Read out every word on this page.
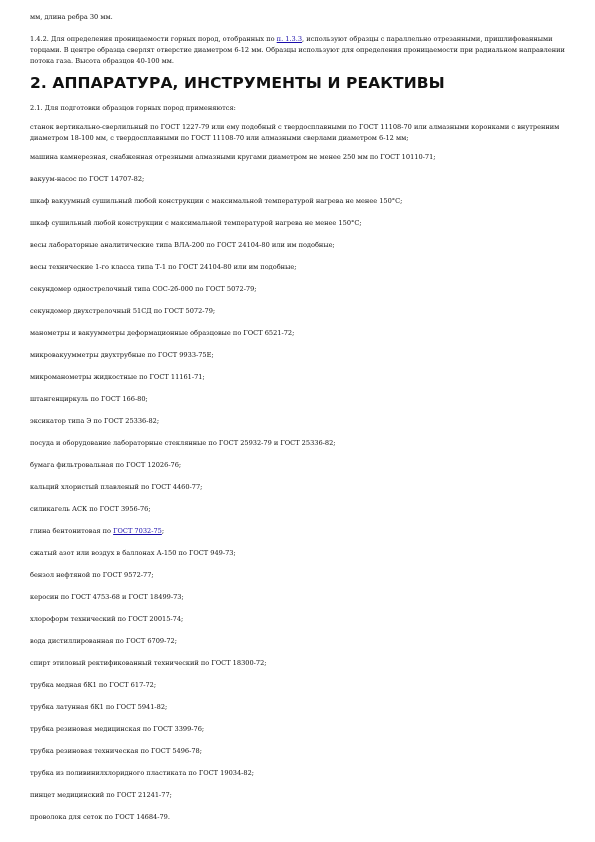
мм, длина ребра 30 мм.

1.4.2. Для определения проницаемости горных пород, отобранных по п. 1.3.3, используют образцы с параллельно отрезанными, пришлифованными торцами. В центре образца сверлят отверстие диаметром 6-12 мм. Образцы используют для определения проницаемости при радиальном направлении потока газа. Высота образцов 40-100 мм.

2. АППАРАТУРА, ИНСТРУМЕНТЫ И РЕАКТИВЫ

2.1. Для подготовки образцов горных пород применяются:

станок вертикально-сверлильный по ГОСТ 1227-79 или ему подобный с твердосплавными по ГОСТ 11108-70 или алмазными коронками с внутренним диаметром 18-100 мм, с твердосплавными по ГОСТ 11108-70 или алмазными сверлами диаметром 6-12 мм;
машина камнерезная, снабженная отрезными алмазными кругами диаметром не менее 250 мм по ГОСТ 10110-71;
вакуум-насос по ГОСТ 14707-82;
шкаф вакуумный сушильный любой конструкции с максимальной температурой нагрева не менее 150°С;
шкаф сушильный любой конструкции с максимальной температурой нагрева не менее 150°С;
весы лабораторные аналитические типа ВЛА-200 по ГОСТ 24104-80 или им подобные;
весы технические 1-го класса типа Т-1 по ГОСТ 24104-80 или им подобные;
секундомер однострелочный типа СОС-2б-000 по ГОСТ 5072-79;
секундомер двухстрелочный 51СД по ГОСТ 5072-79;
манометры и вакуумметры деформационные образцовые по ГОСТ 6521-72;
микровакуумметры двухтрубные по ГОСТ 9933-75Е;
микроманометры жидкостные по ГОСТ 11161-71;
штангенциркуль по ГОСТ 166-80;
эксикатор типа Э по ГОСТ 25336-82;
посуда и оборудование лабораторные стеклянные по ГОСТ 25932-79 и ГОСТ 25336-82;
бумага фильтровальная по ГОСТ 12026-76;
кальций хлористый плавленый по ГОСТ 4460-77;
силикагель АСК по ГОСТ 3956-76;
глина бентонитовая по ГОСТ 7032-75;
сжатый азот или воздух в баллонах А-150 по ГОСТ 949-73;
бензол нефтяной по ГОСТ 9572-77;
керосин по ГОСТ 4753-68 и ГОСТ 18499-73;
хлороформ технический по ГОСТ 20015-74;
вода дистиллированная по ГОСТ 6709-72;
спирт этиловый ректификованный технический по ГОСТ 18300-72;
трубка медная бК1 по ГОСТ 617-72;
трубка латунная бК1 по ГОСТ 5941-82;
трубка резиновая медицинская по ГОСТ 3399-76;
трубка резиновая техническая по ГОСТ 5496-78;
трубка из поливинилхлоридного пластиката по ГОСТ 19034-82;
пинцет медицинский по ГОСТ 21241-77;
проволока для сеток по ГОСТ 14684-79.
